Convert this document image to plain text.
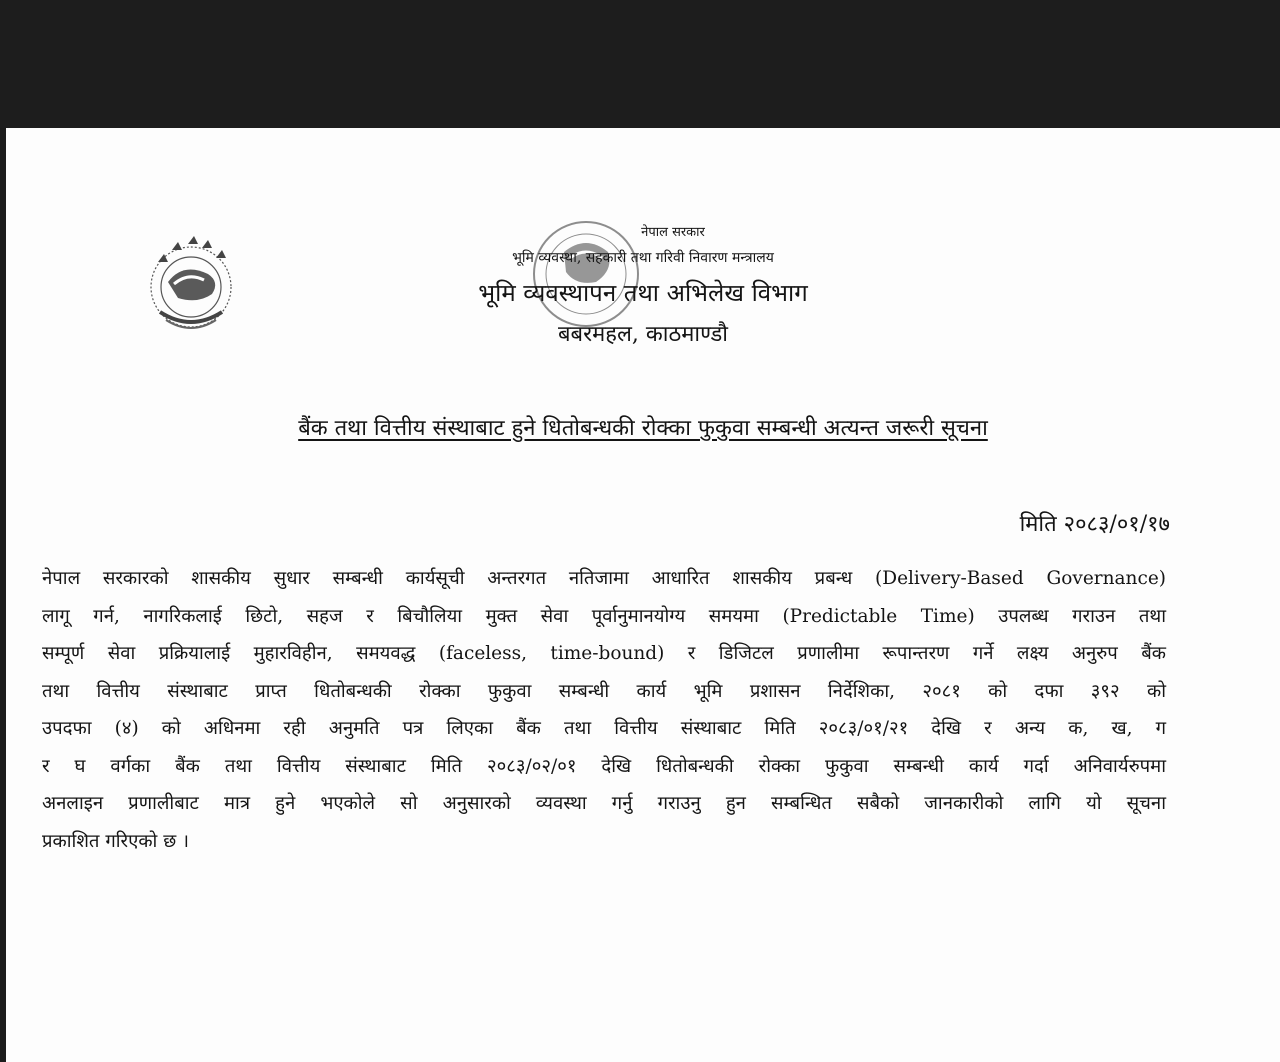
नेपाल सरकार
भूमि व्यवस्था, सहकारी तथा गरिवी निवारण मन्त्रालय
भूमि व्यवस्थापन तथा अभिलेख विभाग
बबरमहल, काठमाण्डौ
बैंक तथा वित्तीय संस्थाबाट हुने धितोबन्धकी रोक्का फुकुवा सम्बन्धी अत्यन्त जरूरी सूचना
मिति २०८३/०१/१७
नेपाल सरकारको शासकीय सुधार सम्बन्धी कार्यसूची अन्तरगत नतिजामा आधारित शासकीय प्रबन्ध (Delivery-Based Governance)
लागू गर्न, नागरिकलाई छिटो, सहज र बिचौलिया मुक्त सेवा पूर्वानुमानयोग्य समयमा (Predictable Time) उपलब्ध गराउन तथा
सम्पूर्ण सेवा प्रक्रियालाई मुहारविहीन, समयवद्ध (faceless, time-bound) र डिजिटल प्रणालीमा रूपान्तरण गर्ने लक्ष्य अनुरुप बैंक
तथा वित्तीय संस्थाबाट प्राप्त धितोबन्धकी रोक्का फुकुवा सम्बन्धी कार्य भूमि प्रशासन निर्देशिका, २०८१ को दफा ३९२ को
उपदफा (४) को अधिनमा रही अनुमति पत्र लिएका बैंक तथा वित्तीय संस्थाबाट मिति २०८३/०१/२१ देखि र अन्य क, ख, ग
र घ वर्गका बैंक तथा वित्तीय संस्थाबाट मिति २०८३/०२/०१ देखि धितोबन्धकी रोक्का फुकुवा सम्बन्धी कार्य गर्दा अनिवार्यरुपमा
अनलाइन प्रणालीबाट मात्र हुने भएकोले सो अनुसारको व्यवस्था गर्नु गराउनु हुन सम्बन्धित सबैको जानकारीको लागि यो सूचना
प्रकाशित गरिएको छ ।
